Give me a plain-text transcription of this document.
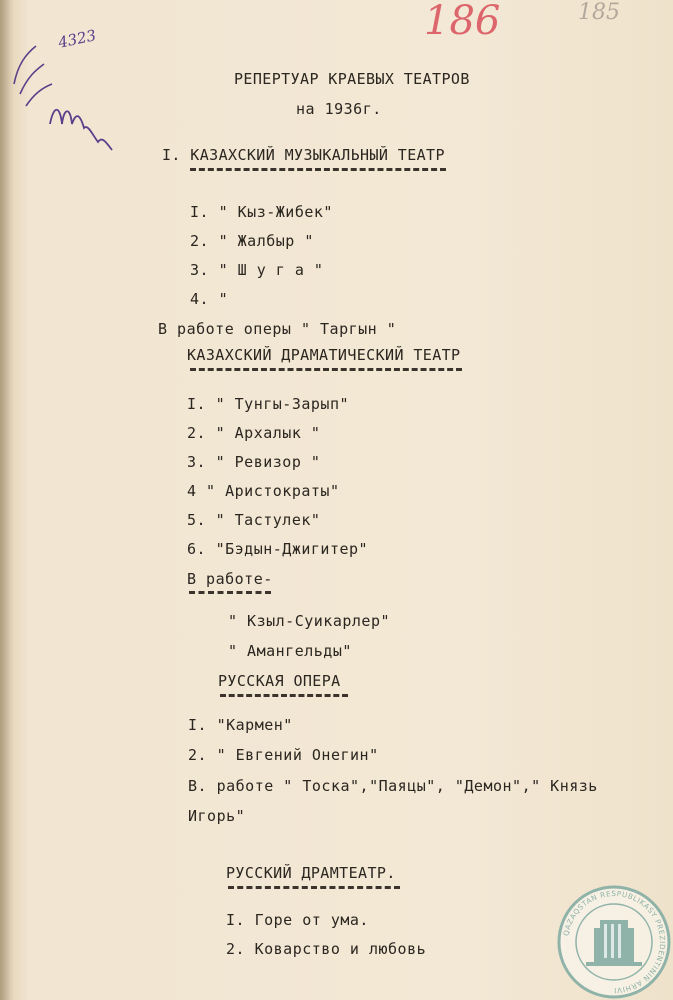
4323	186	185
РЕПЕРТУАР КРАЕВЫХ ТЕАТРОВ
на 1936г.
I. КАЗАХСКИЙ МУЗЫКАЛЬНЫЙ ТЕАТР
I. " Кыз-Жибек"
2. " Жалбыр "
3. " Ш у г а "
4. "
В работе оперы " Таргын "
КАЗАХСКИЙ ДРАМАТИЧЕСКИЙ ТЕАТР
I. " Тунгы-Зарып"
2. " Архалык "
3. " Ревизор "
4 " Аристократы"
5. " Тастулек"
6. "Бэдын-Джигитер"
В работе-
" Кзыл-Суикарлер"
" Амангельды"
РУССКАЯ ОПЕРА
I. "Кармен"
2. " Евгений Онегин"
В. работе " Тоска","Паяцы", "Демон"," Князь
Игорь"
РУССКИЙ ДРАМТЕАТР.
I. Горе от ума.
2. Коварство и любовь
QAZAQSTAN RESPUBLIKASY PREZIDENTINIŃ ARHIVI
